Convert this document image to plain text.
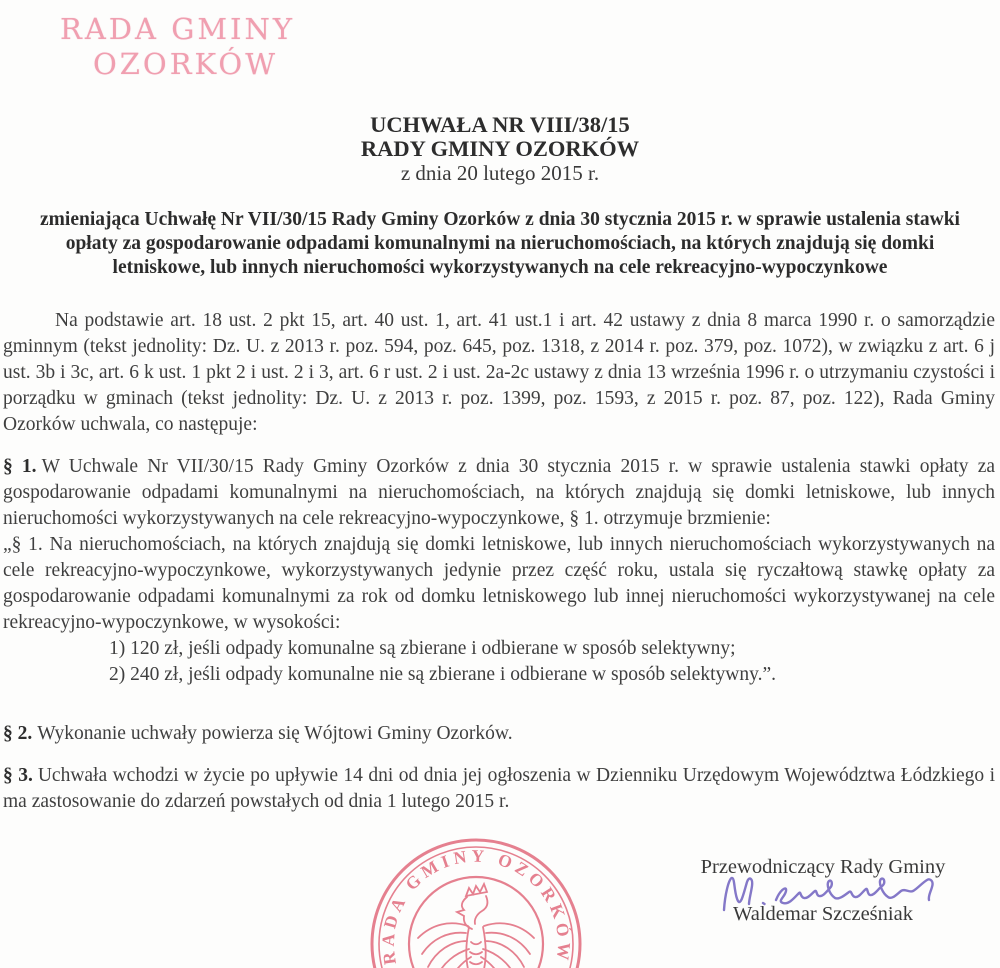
RADA GMINY
OZORKÓW
UCHWAŁA NR VIII/38/15
RADY GMINY OZORKÓW
z dnia 20 lutego 2015 r.

zmieniająca Uchwałę Nr VII/30/15 Rady Gminy Ozorków z dnia 30 stycznia 2015 r. w sprawie ustalenia stawki opłaty za gospodarowanie odpadami komunalnymi na nieruchomościach, na których znajdują się domki letniskowe, lub innych nieruchomości wykorzystywanych na cele rekreacyjno-wypoczynkowe

Na podstawie art. 18 ust. 2 pkt 15, art. 40 ust. 1, art. 41 ust.1 i art. 42 ustawy z dnia 8 marca 1990 r. o samorządzie gminnym (tekst jednolity: Dz. U. z 2013 r. poz. 594, poz. 645, poz. 1318, z 2014 r. poz. 379, poz. 1072), w związku z art. 6 j ust. 3b i 3c, art. 6 k ust. 1 pkt 2 i ust. 2 i 3, art. 6 r ust. 2 i ust. 2a-2c ustawy z dnia 13 września 1996 r. o utrzymaniu czystości i porządku w gminach (tekst jednolity: Dz. U. z 2013 r. poz. 1399, poz. 1593, z 2015 r. poz. 87, poz. 122), Rada Gminy Ozorków uchwala, co następuje:

§ 1. W Uchwale Nr VII/30/15 Rady Gminy Ozorków z dnia 30 stycznia 2015 r. w sprawie ustalenia stawki opłaty za gospodarowanie odpadami komunalnymi na nieruchomościach, na których znajdują się domki letniskowe, lub innych nieruchomości wykorzystywanych na cele rekreacyjno-wypoczynkowe, § 1. otrzymuje brzmienie:

„§ 1. Na nieruchomościach, na których znajdują się domki letniskowe, lub innych nieruchomościach wykorzystywanych na cele rekreacyjno-wypoczynkowe, wykorzystywanych jedynie przez część roku, ustala się ryczałtową stawkę opłaty za gospodarowanie odpadami komunalnymi za rok od domku letniskowego lub innej nieruchomości wykorzystywanej na cele rekreacyjno-wypoczynkowe, w wysokości:

1) 120 zł, jeśli odpady komunalne są zbierane i odbierane w sposób selektywny;
2) 240 zł, jeśli odpady komunalne nie są zbierane i odbierane w sposób selektywny.”.

§ 2. Wykonanie uchwały powierza się Wójtowi Gminy Ozorków.

§ 3. Uchwała wchodzi w życie po upływie 14 dni od dnia jej ogłoszenia w Dzienniku Urzędowym Województwa Łódzkiego i ma zastosowanie do zdarzeń powstałych od dnia 1 lutego 2015 r.

RADA GMINY OZORKÓW
Przewodniczący Rady Gminy
Waldemar Szcześniak
